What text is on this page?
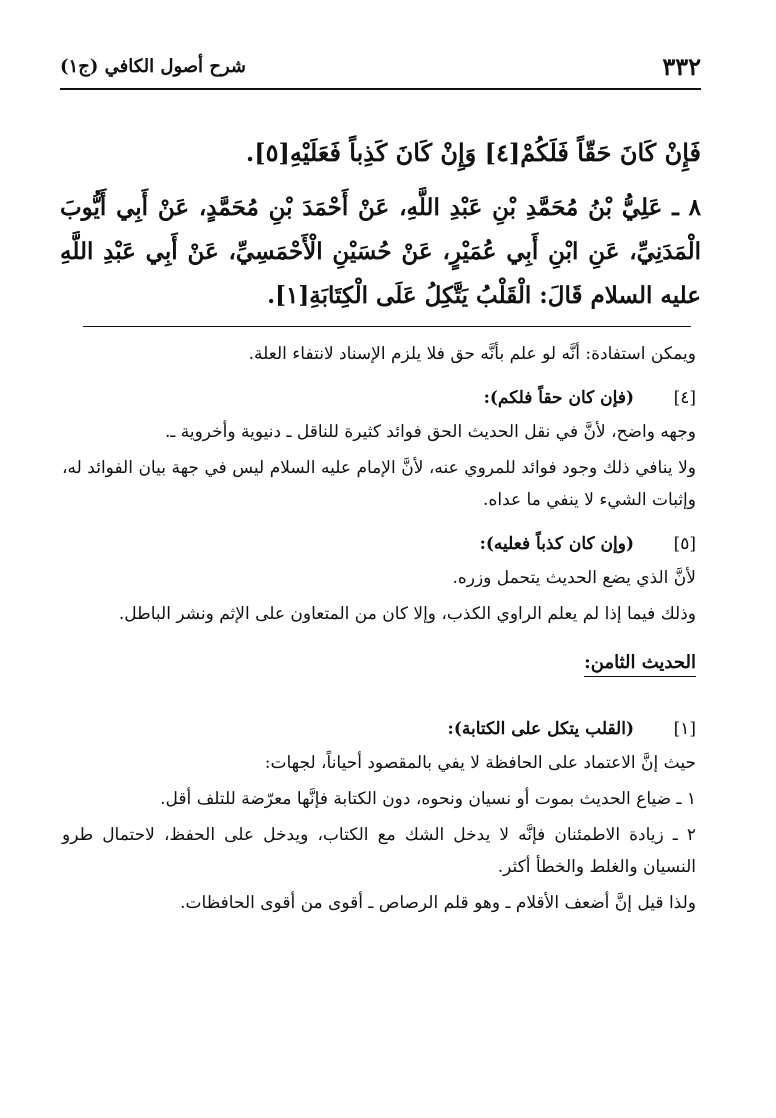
٣٣٢
شرح أصول الكافي (ج١)
فَإِنْ كَانَ حَقّاً فَلَكُمْ[٤] وَإِنْ كَانَ كَذِباً فَعَلَيْهِ[٥].
٨ ـ عَلِيُّ بْنُ مُحَمَّدِ بْنِ عَبْدِ اللَّهِ، عَنْ أَحْمَدَ بْنِ مُحَمَّدٍ، عَنْ أَبِي أَيُّوبَ الْمَدَنِيِّ، عَنِ ابْنِ أَبِي عُمَيْرٍ، عَنْ حُسَيْنِ الْأَحْمَسِيِّ، عَنْ أَبِي عَبْدِ اللَّهِ عليه السلام قَالَ: الْقَلْبُ يَتَّكِلُ عَلَى الْكِتَابَةِ[١].

ويمكن استفادة: أنَّه لو علم بأنَّه حق فلا يلزم الإسناد لانتفاء العلة.

[٤]
(فإن كان حقاً فلكم):

وجهه واضح، لأنَّ في نقل الحديث الحق فوائد كثيرة للناقل ـ دنيوية وأخروية ـ.

ولا ينافي ذلك وجود فوائد للمروي عنه، لأنَّ الإمام عليه السلام ليس في جهة بيان الفوائد له، وإثبات الشيء لا ينفي ما عداه.

[٥]
(وإن كان كذباً فعليه):

لأنَّ الذي يضع الحديث يتحمل وزره.

وذلك فيما إذا لم يعلم الراوي الكذب، وإلا كان من المتعاون على الإثم ونشر الباطل.

الحديث الثامن:
[١]
(القلب يتكل على الكتابة):

حيث إنَّ الاعتماد على الحافظة لا يفي بالمقصود أحياناً، لجهات:

١ ـ ضياع الحديث بموت أو نسيان ونحوه، دون الكتابة فإنَّها معرّضة للتلف أقل.

٢ ـ زيادة الاطمئنان فإنَّه لا يدخل الشك مع الكتاب، ويدخل على الحفظ، لاحتمال طرو النسيان والغلط والخطأ أكثر.

ولذا قيل إنَّ أضعف الأقلام ـ وهو قلم الرصاص ـ أقوى من أقوى الحافظات.
